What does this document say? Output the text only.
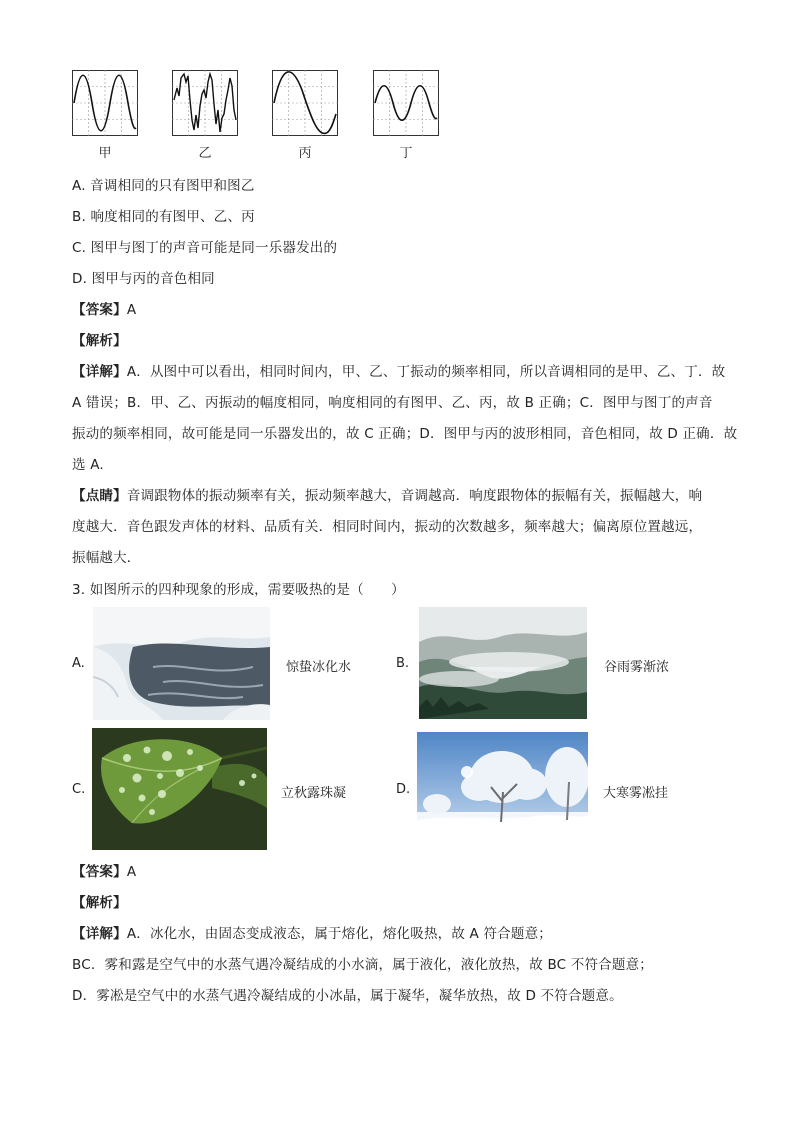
甲	乙	丙	丁
A. 音调相同的只有图甲和图乙
B. 响度相同的有图甲、乙、丙
C. 图甲与图丁的声音可能是同一乐器发出的
D. 图甲与丙的音色相同
【答案】A
【解析】
【详解】A．从图中可以看出，相同时间内，甲、乙、丁振动的频率相同，所以音调相同的是甲、乙、丁．故
A 错误；B．甲、乙、丙振动的幅度相同，响度相同的有图甲、乙、丙，故 B 正确；C．图甲与图丁的声音
振动的频率相同，故可能是同一乐器发出的，故 C 正确；D．图甲与丙的波形相同，音色相同，故 D 正确．故
选 A.
【点睛】音调跟物体的振动频率有关，振动频率越大，音调越高．响度跟物体的振幅有关，振幅越大，响
度越大．音色跟发声体的材料、品质有关．相同时间内，振动的次数越多，频率越大；偏离原位置越远，
振幅越大．
3. 如图所示的四种现象的形成，需要吸热的是（　　）
A.	惊蛰冰化水	B.	谷雨雾渐浓
C.	立秋露珠凝	D.	大寒雾凇挂
【答案】A
【解析】
【详解】A．冰化水，由固态变成液态，属于熔化，熔化吸热，故 A 符合题意；
BC．雾和露是空气中的水蒸气遇冷凝结成的小水滴，属于液化，液化放热，故 BC 不符合题意；
D．雾凇是空气中的水蒸气遇冷凝结成的小冰晶，属于凝华，凝华放热，故 D 不符合题意。
